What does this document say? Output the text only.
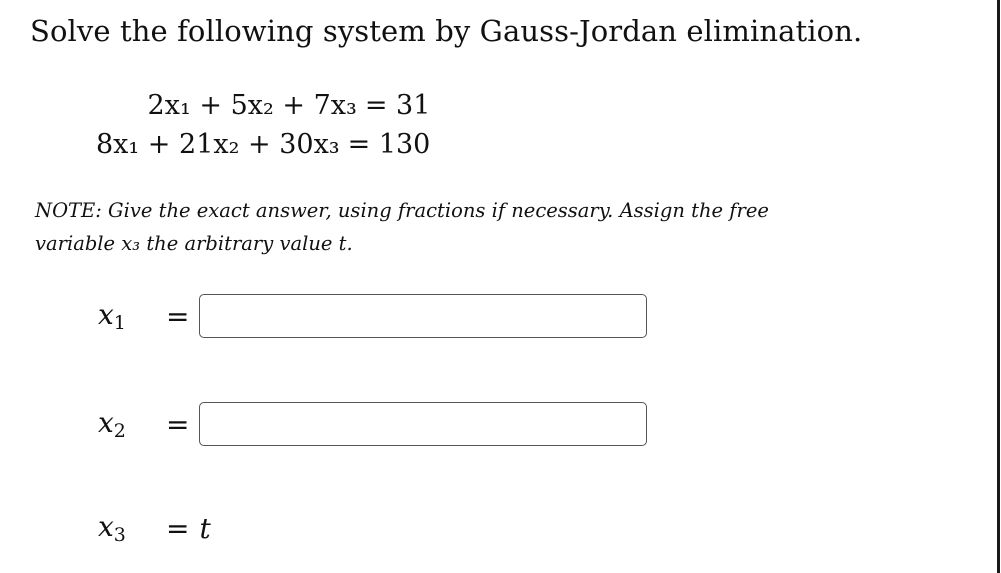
Solve the following system by Gauss-Jordan elimination.
2x₁ + 5x₂ + 7x₃ = 31
8x₁ + 21x₂ + 30x₃ = 130
NOTE: Give the exact answer, using fractions if necessary. Assign the free variable x₃ the arbitrary value t.
$x_1$	=
$x_2$	=
$x_3$	= t
